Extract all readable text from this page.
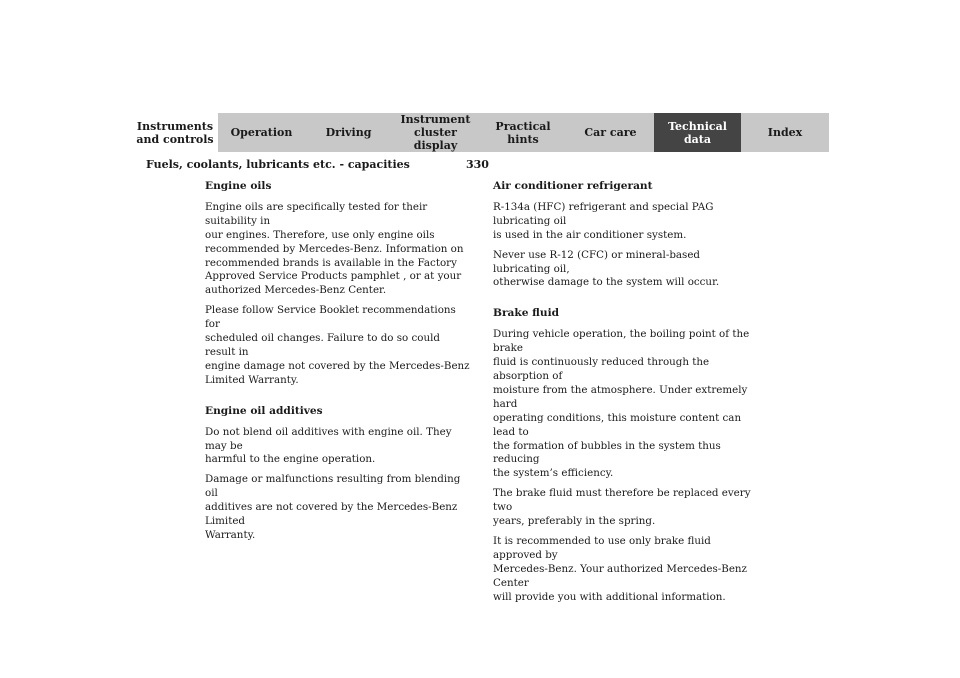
Instruments
and controls Operation	Driving
Instrument
cluster display
Practical hints	Car care	Technical
data	Index
Fuels, coolants, lubricants etc. - capacities	330
Engine oils

Engine oils are specifically tested for their suitability in
our engines. Therefore, use only engine oils
recommended by Mercedes-Benz. Information on
recommended brands is available in the Factory
Approved Service Products pamphlet , or at your
authorized Mercedes-Benz Center.

Please follow Service Booklet recommendations for
scheduled oil changes. Failure to do so could result in
engine damage not covered by the Mercedes-Benz
Limited Warranty.

Engine oil additives

Do not blend oil additives with engine oil. They may be
harmful to the engine operation.

Damage or malfunctions resulting from blending oil
additives are not covered by the Mercedes-Benz Limited
Warranty.

Air conditioner refrigerant

R-134a (HFC) refrigerant and special PAG lubricating oil
is used in the air conditioner system.

Never use R-12 (CFC) or mineral-based lubricating oil,
otherwise damage to the system will occur.

Brake fluid

During vehicle operation, the boiling point of the brake
fluid is continuously reduced through the absorption of
moisture from the atmosphere. Under extremely hard
operating conditions, this moisture content can lead to
the formation of bubbles in the system thus reducing
the system’s efficiency.

The brake fluid must therefore be replaced every two
years, preferably in the spring.

It is recommended to use only brake fluid approved by
Mercedes-Benz. Your authorized Mercedes-Benz Center
will provide you with additional information.
